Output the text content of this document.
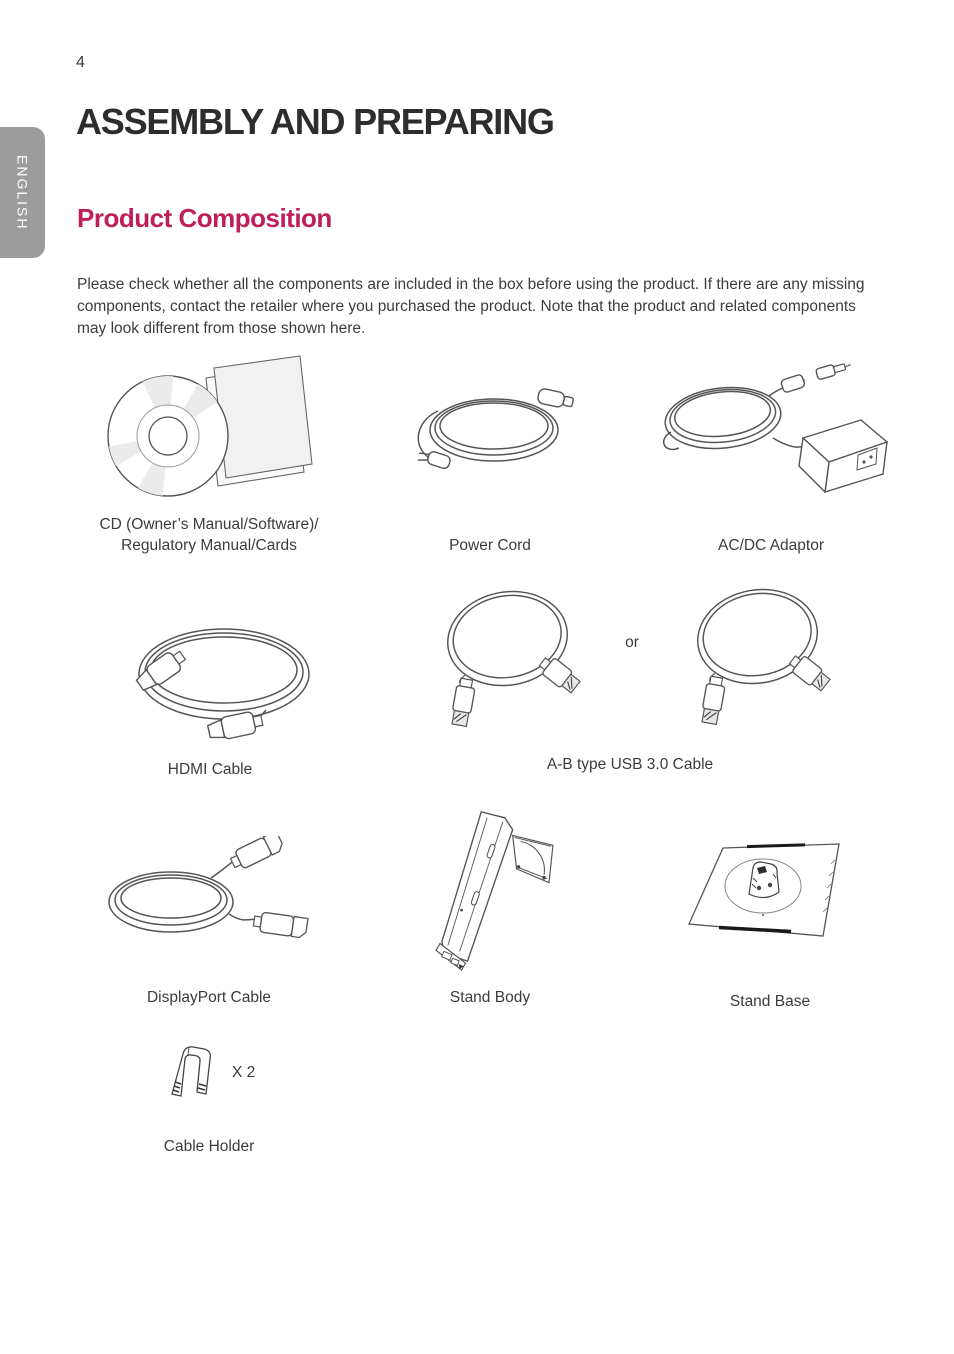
4
ENGLISH
ASSEMBLY AND PREPARING
Product Composition

Please check whether all the components are included in the box before using the product. If there are any missing components, contact the retailer where you purchased the product. Note that the product and related components may look different from those shown here.

CD (Owner’s Manual/Software)/
Regulatory Manual/Cards	Power Cord	AC/DC Adaptor
HDMI Cable
or
A-B type USB 3.0 Cable
DisplayPort Cable	Stand Body	Stand Base
X 2
Cable Holder
